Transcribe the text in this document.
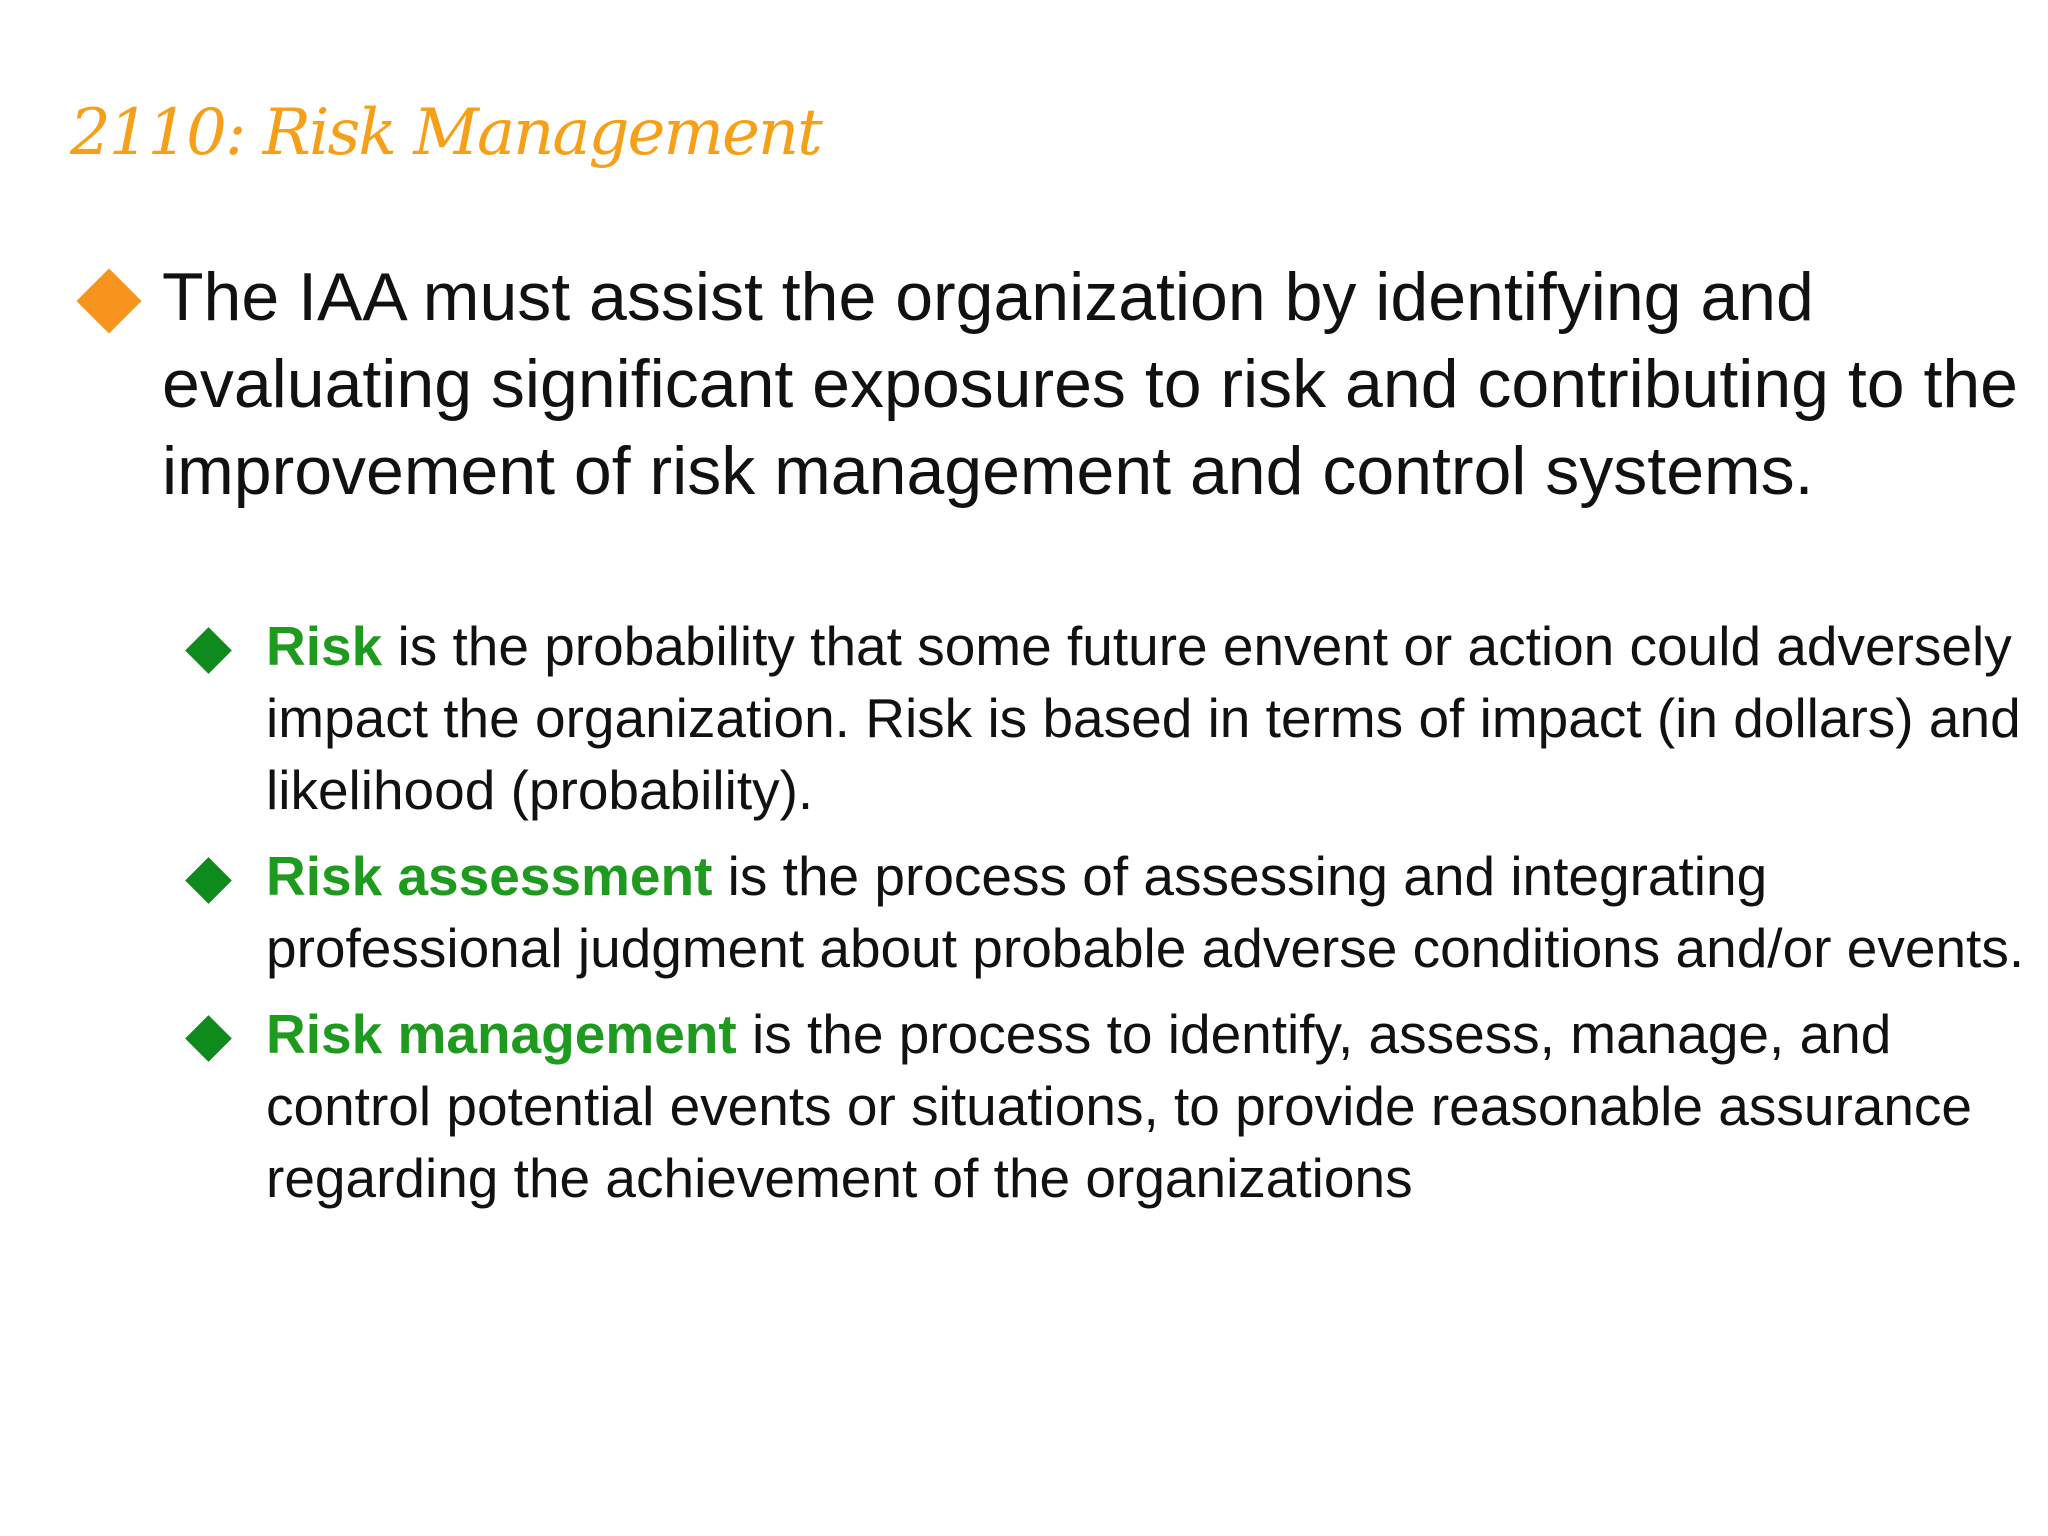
2110: Risk Management
The IAA must assist the organization by identifying and evaluating significant exposures to risk and contributing to the improvement of risk management and control systems.
Risk is the probability that some future envent or action could adversely impact the organization. Risk is based in terms of impact (in dollars) and likelihood (probability).
Risk assessment is the process of assessing and integrating professional judgment about probable adverse conditions and/or events.
Risk management is the process to identify, assess, manage, and control potential events or situations, to provide reasonable assurance regarding the achievement of the organizations
